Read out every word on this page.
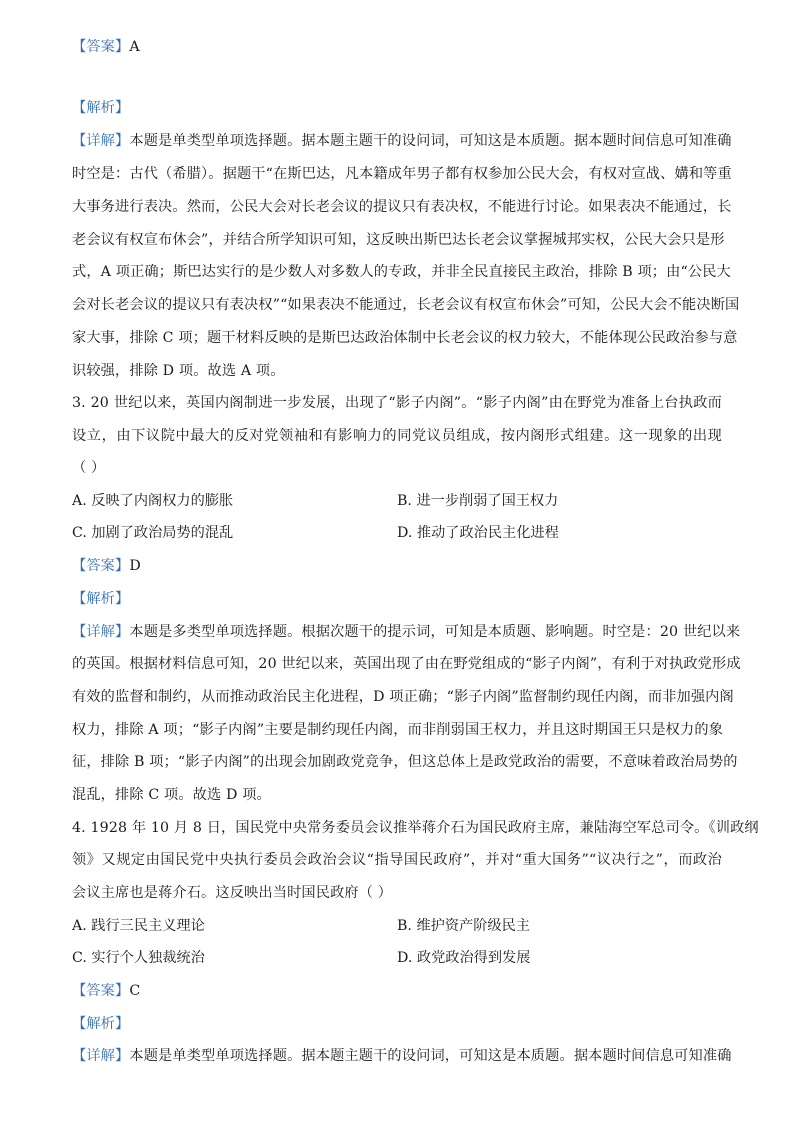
【答案】A
【解析】
【详解】本题是单类型单项选择题。据本题主题干的设问词，可知这是本质题。据本题时间信息可知准确
时空是：古代（希腊）。据题干“在斯巴达，凡本籍成年男子都有权参加公民大会，有权对宣战、媾和等重
大事务进行表决。然而，公民大会对长老会议的提议只有表决权，不能进行讨论。如果表决不能通过，长
老会议有权宣布休会”，并结合所学知识可知，这反映出斯巴达长老会议掌握城邦实权，公民大会只是形
式，A 项正确；斯巴达实行的是少数人对多数人的专政，并非全民直接民主政治，排除 B 项；由“公民大
会对长老会议的提议只有表决权”“如果表决不能通过，长老会议有权宣布休会”可知，公民大会不能决断国
家大事，排除 C 项；题干材料反映的是斯巴达政治体制中长老会议的权力较大，不能体现公民政治参与意
识较强，排除 D 项。故选 A 项。
3. 20 世纪以来，英国内阁制进一步发展，出现了“影子内阁”。“影子内阁”由在野党为准备上台执政而
设立，由下议院中最大的反对党领袖和有影响力的同党议员组成，按内阁形式组建。这一现象的出现
（ ）
A. 反映了内阁权力的膨胀	B. 进一步削弱了国王权力
C. 加剧了政治局势的混乱	D. 推动了政治民主化进程
【答案】D
【解析】
【详解】本题是多类型单项选择题。根据次题干的提示词，可知是本质题、影响题。时空是：20 世纪以来
的英国。根据材料信息可知，20 世纪以来，英国出现了由在野党组成的“影子内阁”，有利于对执政党形成
有效的监督和制约，从而推动政治民主化进程，D 项正确；“影子内阁”监督制约现任内阁，而非加强内阁
权力，排除 A 项；“影子内阁”主要是制约现任内阁，而非削弱国王权力，并且这时期国王只是权力的象
征，排除 B 项；“影子内阁”的出现会加剧政党竞争，但这总体上是政党政治的需要，不意味着政治局势的
混乱，排除 C 项。故选 D 项。
4. 1928 年 10 月 8 日，国民党中央常务委员会议推举蒋介石为国民政府主席，兼陆海空军总司令。《训政纲
领》又规定由国民党中央执行委员会政治会议“指导国民政府”，并对“重大国务”“议决行之”，而政治
会议主席也是蒋介石。这反映出当时国民政府（ ）
A. 践行三民主义理论	B. 维护资产阶级民主
C. 实行个人独裁统治	D. 政党政治得到发展
【答案】C
【解析】
【详解】本题是单类型单项选择题。据本题主题干的设问词，可知这是本质题。据本题时间信息可知准确
